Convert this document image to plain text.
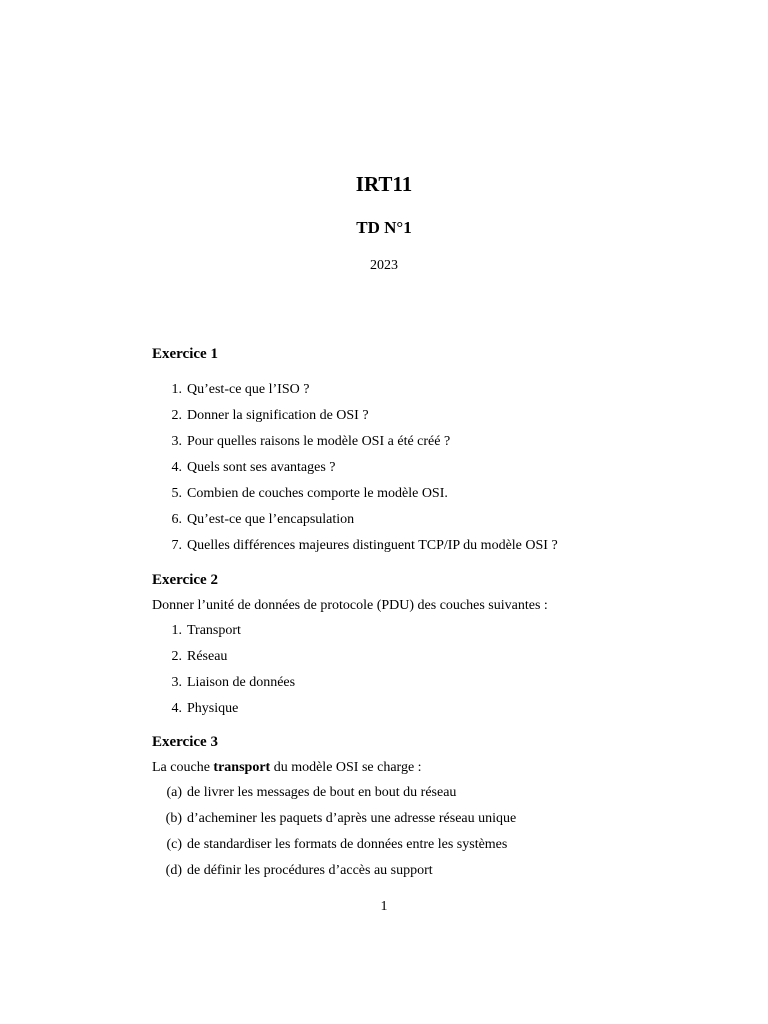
IRT11
TD N°1
2023
Exercice 1
1. Qu’est-ce que l’ISO ?
2. Donner la signification de OSI ?
3. Pour quelles raisons le modèle OSI a été créé ?
4. Quels sont ses avantages ?
5. Combien de couches comporte le modèle OSI.
6. Qu’est-ce que l’encapsulation
7. Quelles différences majeures distinguent TCP/IP du modèle OSI ?
Exercice 2
Donner l’unité de données de protocole (PDU) des couches suivantes :
1. Transport
2. Réseau
3. Liaison de données
4. Physique
Exercice 3
La couche transport du modèle OSI se charge :
(a) de livrer les messages de bout en bout du réseau
(b) d’acheminer les paquets d’après une adresse réseau unique
(c) de standardiser les formats de données entre les systèmes
(d) de définir les procédures d’accès au support
1
